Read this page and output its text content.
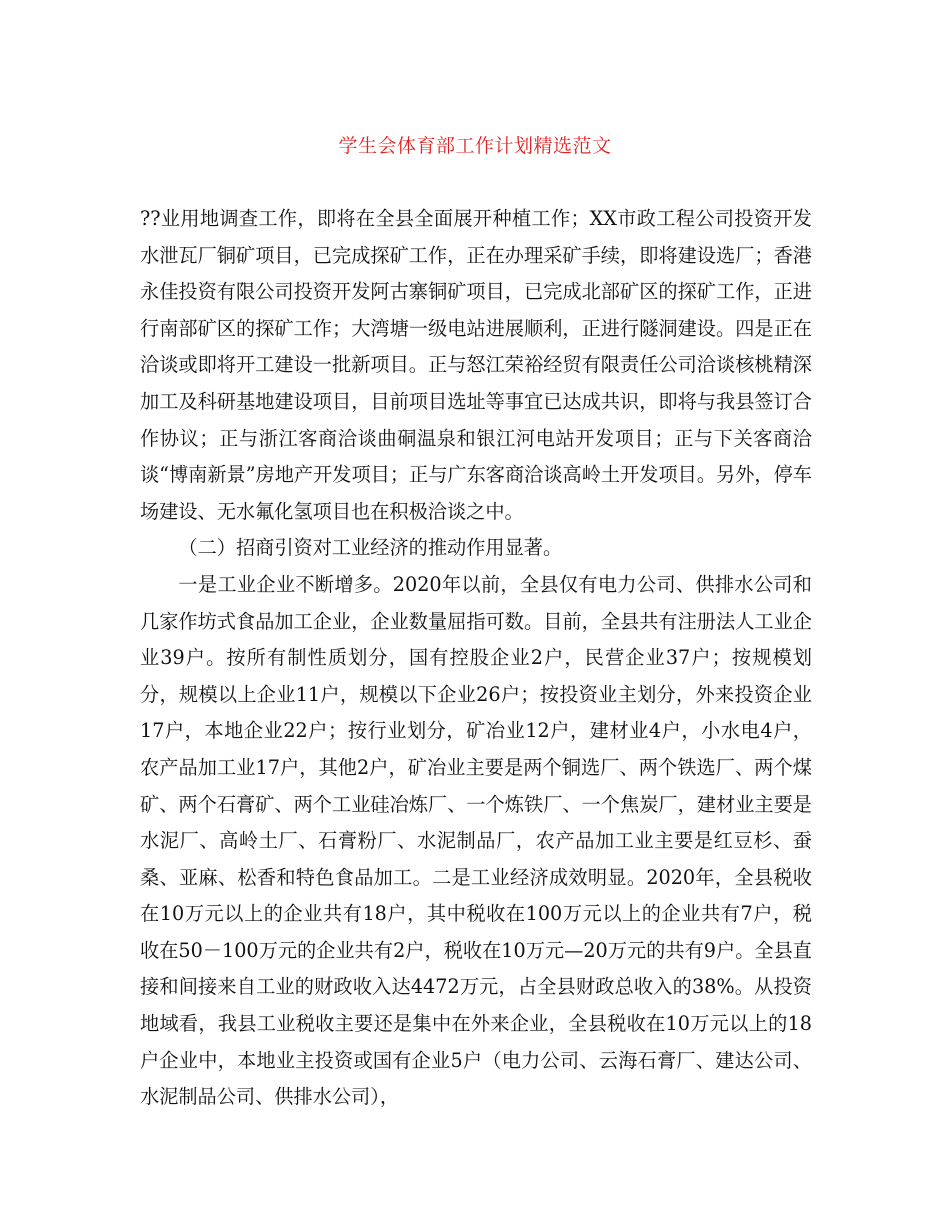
学生会体育部工作计划精选范文

??业用地调查工作，即将在全县全面展开种植工作；XX市政工程公司投资开发水泄瓦厂铜矿项目，已完成探矿工作，正在办理采矿手续，即将建设选厂；香港永佳投资有限公司投资开发阿古寨铜矿项目，已完成北部矿区的探矿工作，正进行南部矿区的探矿工作；大湾塘一级电站进展顺利，正进行隧洞建设。四是正在洽谈或即将开工建设一批新项目。正与怒江荣裕经贸有限责任公司洽谈核桃精深加工及科研基地建设项目，目前项目选址等事宜已达成共识，即将与我县签订合作协议；正与浙江客商洽谈曲硐温泉和银江河电站开发项目；正与下关客商洽谈“博南新景”房地产开发项目；正与广东客商洽谈高岭土开发项目。另外，停车场建设、无水氟化氢项目也在积极洽谈之中。

（二）招商引资对工业经济的推动作用显著。

一是工业企业不断增多。2020年以前，全县仅有电力公司、供排水公司和几家作坊式食品加工企业，企业数量屈指可数。目前，全县共有注册法人工业企业39户。按所有制性质划分，国有控股企业2户，民营企业37户；按规模划分，规模以上企业11户，规模以下企业26户；按投资业主划分，外来投资企业17户，本地企业22户；按行业划分，矿冶业12户，建材业4户，小水电4户，农产品加工业17户，其他2户，矿冶业主要是两个铜选厂、两个铁选厂、两个煤矿、两个石膏矿、两个工业硅冶炼厂、一个炼铁厂、一个焦炭厂，建材业主要是水泥厂、高岭土厂、石膏粉厂、水泥制品厂，农产品加工业主要是红豆杉、蚕桑、亚麻、松香和特色食品加工。二是工业经济成效明显。2020年，全县税收在10万元以上的企业共有18户，其中税收在100万元以上的企业共有7户，税收在50－100万元的企业共有2户，税收在10万元—20万元的共有9户。全县直接和间接来自工业的财政收入达4472万元，占全县财政总收入的38%。从投资地域看，我县工业税收主要还是集中在外来企业，全县税收在10万元以上的18户企业中，本地业主投资或国有企业5户（电力公司、云海石膏厂、建达公司、水泥制品公司、供排水公司），
